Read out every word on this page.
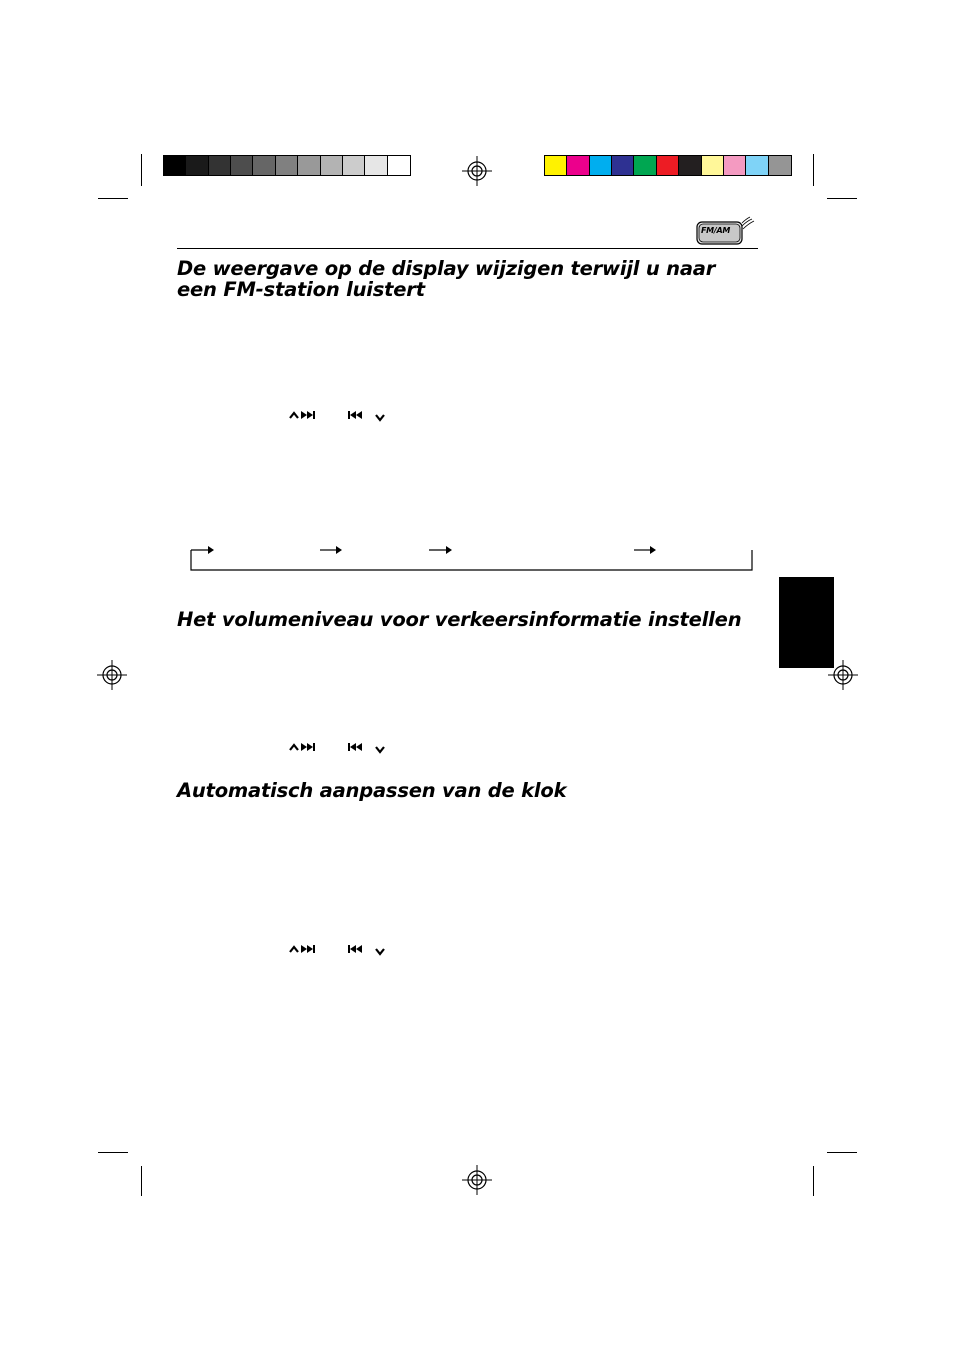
FM/AM
De weergave op de display wijzigen terwijl u naar een FM-station luistert
Het volumeniveau voor verkeersinformatie instellen
Automatisch aanpassen van de klok
